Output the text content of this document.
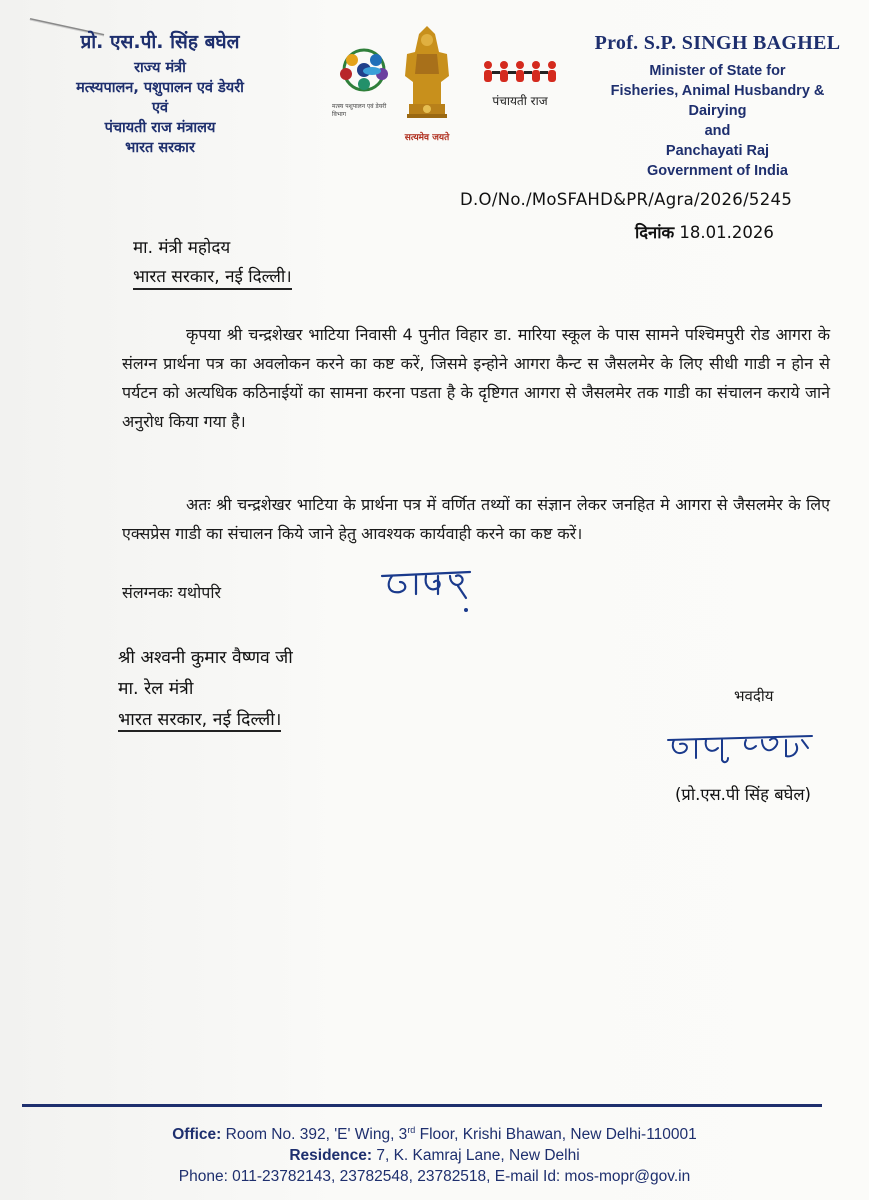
प्रो. एस.पी. सिंह बघेल
राज्य मंत्री
मत्स्यपालन, पशुपालन एवं डेयरी
एवं
पंचायती राज मंत्रालय
भारत सरकार
मत्स्य पशुपालन एवं डेयरी विभाग
सत्यमेव जयते
पंचायती राज
Prof. S.P. SINGH BAGHEL
Minister of State for
Fisheries, Animal Husbandry & Dairying
and
Panchayati Raj
Government of India
D.O/No./MoSFAHD&PR/Agra/2026/5245
दिनांक 18.01.2026
मा. मंत्री महोदय
भारत सरकार, नई दिल्ली।
कृपया श्री चन्द्रशेखर भाटिया निवासी 4 पुनीत विहार डा. मारिया स्कूल के पास सामने पश्चिमपुरी रोड आगरा के संलग्न प्रार्थना पत्र का अवलोकन करने का कष्ट करें, जिसमे इन्होने आगरा कैन्ट स जैसलमेर के लिए सीधी गाडी न होन से पर्यटन को अत्यधिक कठिनाईयों का सामना करना पडता है के दृष्टिगत आगरा से जैसलमेर तक गाडी का संचालन कराये जाने अनुरोध किया गया है।
अतः श्री चन्द्रशेखर भाटिया के प्रार्थना पत्र में वर्णित तथ्यों का संज्ञान लेकर जनहित मे आगरा से जैसलमेर के लिए एक्सप्रेस गाडी का संचालन किये जाने हेतु आवश्यक कार्यवाही करने का कष्ट करें।
संलग्नकः यथोपरि
सादर
श्री अश्वनी कुमार वैष्णव जी
मा. रेल मंत्री
भारत सरकार, नई दिल्ली।
भवदीय
(प्रो.एस.पी सिंह बघेल)
Office: Room No. 392, 'E' Wing, 3rd Floor, Krishi Bhawan, New Delhi-110001
Residence: 7, K. Kamraj Lane, New Delhi
Phone: 011-23782143, 23782548, 23782518, E-mail Id: mos-mopr@gov.in
